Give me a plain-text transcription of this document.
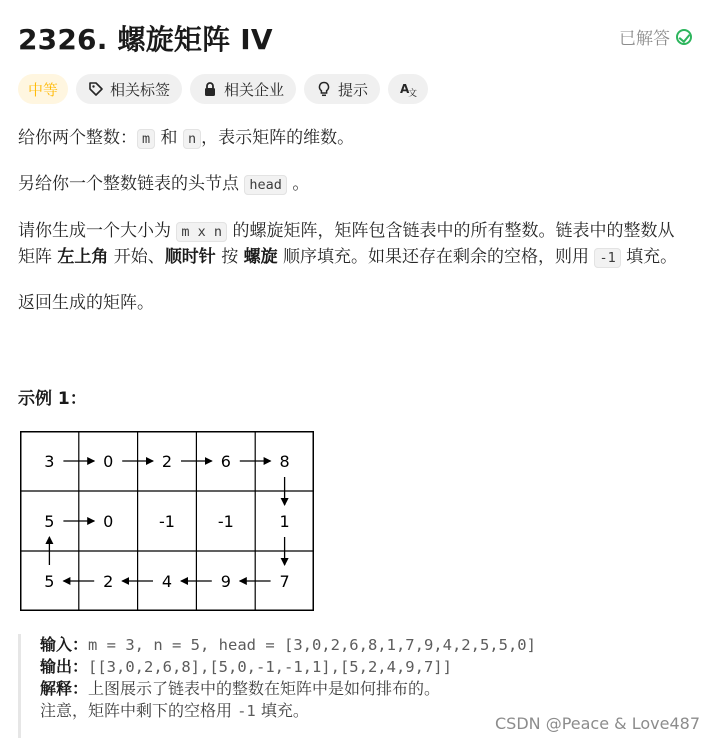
2326. 螺旋矩阵 IV	已解答
中等	相关标签	相关企业	提示	A
文
给你两个整数： m 和 n ，表示矩阵的维数。
另给你一个整数链表的头节点 head 。
请你生成一个大小为 m x n 的螺旋矩阵，矩阵包含链表中的所有整数。链表中的整数从
矩阵 左上角 开始、顺时针 按 螺旋 顺序填充。如果还存在剩余的空格，则用 -1 填充。
返回生成的矩阵。
示例 1：
3	0	2	6	8
5	0	-1	-1	1
5	2	4	9	7
输入：m = 3, n = 5, head = [3,0,2,6,8,1,7,9,4,2,5,5,0]
输出：[[3,0,2,6,8],[5,0,-1,-1,1],[5,2,4,9,7]]
解释：上图展示了链表中的整数在矩阵中是如何排布的。
注意，矩阵中剩下的空格用 -1 填充。
CSDN @Peace & Love487
